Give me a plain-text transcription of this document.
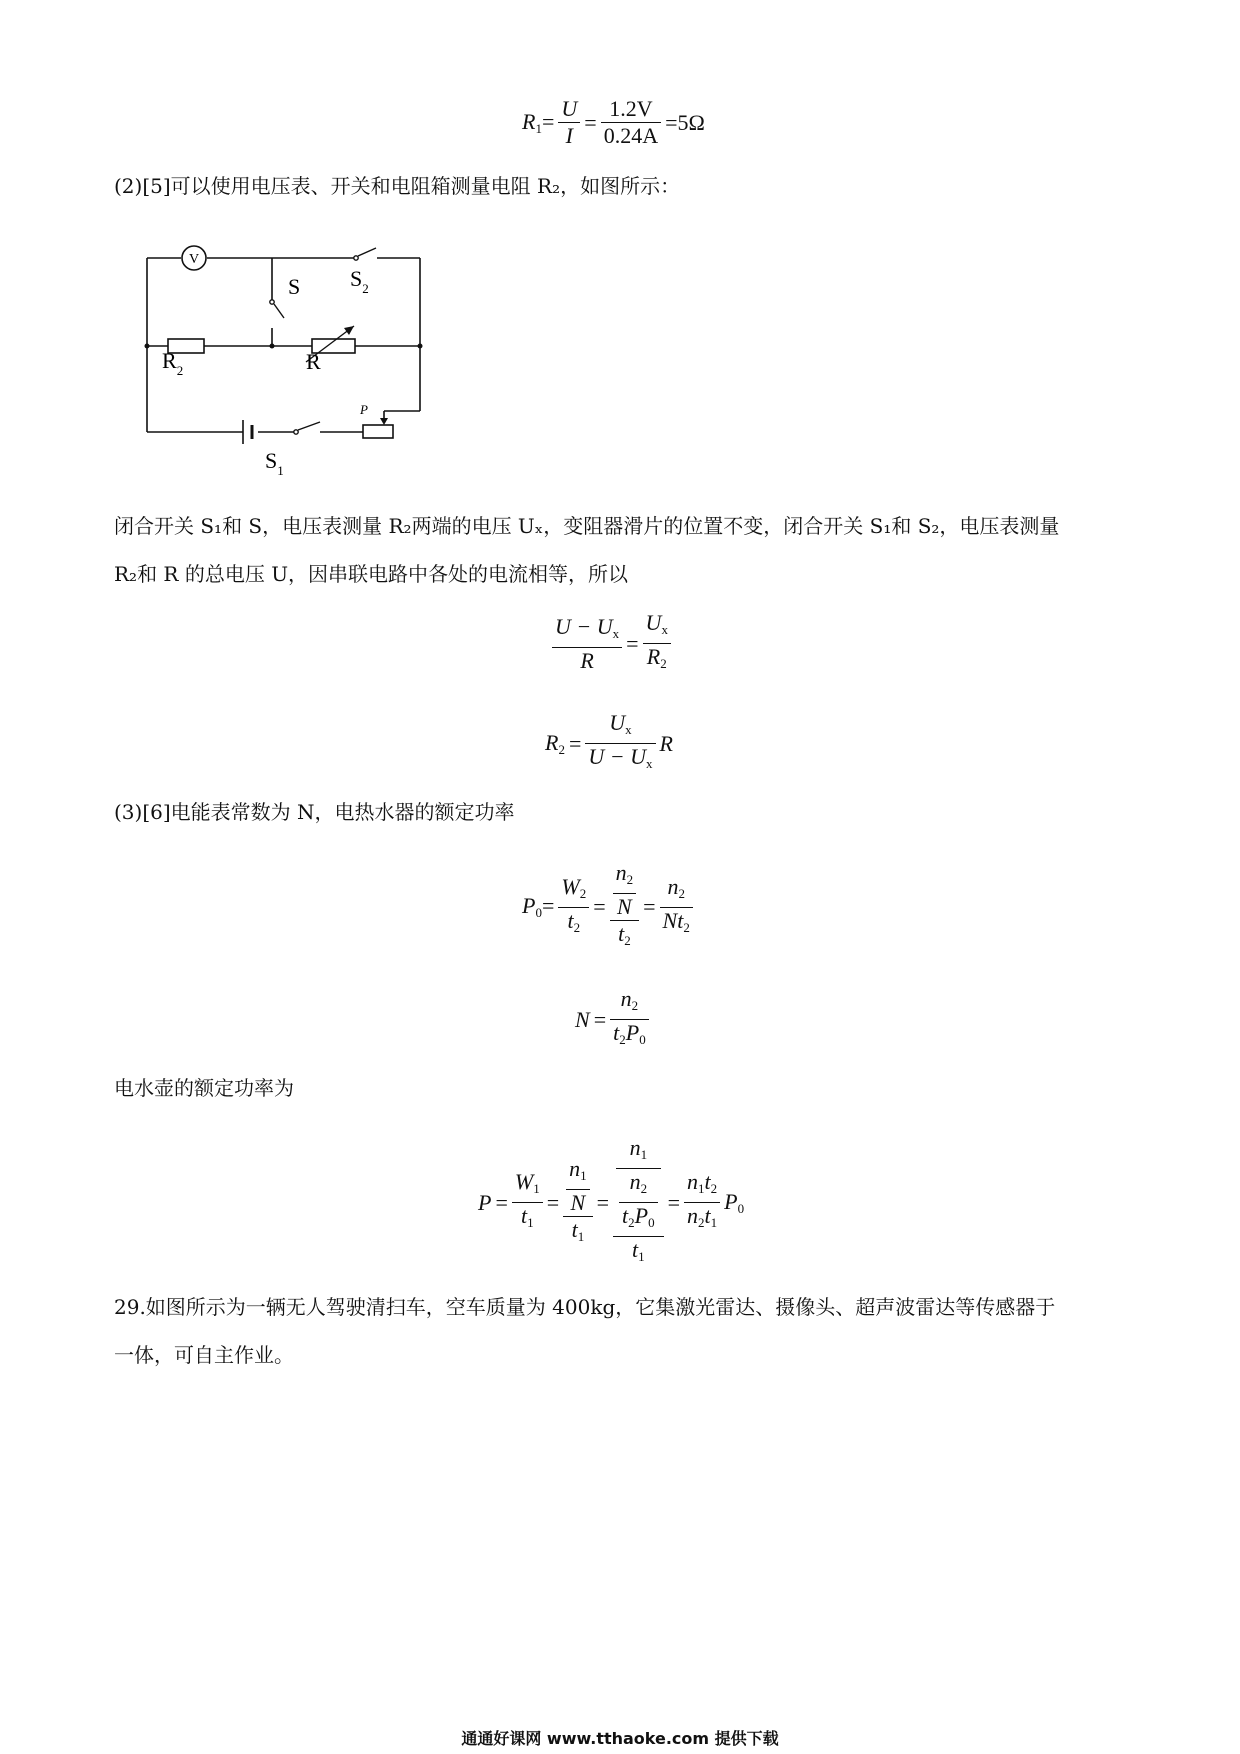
$R_1= \frac{U}{I} = \frac{1.2V}{0.24A} =5\Omega$
(2)[5]可以使用电压表、开关和电阻箱测量电阻 R₂，如图所示：
V
$S_2$
S
$R_2$	R
$S_1$
P
闭合开关 S₁和 S，电压表测量 R₂两端的电压 Uₓ，变阻器滑片的位置不变，闭合开关 S₁和 S₂，电压表测量
R₂和 R 的总电压 U，因串联电路中各处的电流相等，所以
$\frac{U - U_x}{R} = \frac{U_x}{R_2}$
$R_2 = \frac{U_x}{U - U_x}$ R
(3)[6]电能表常数为 N，电热水器的额定功率
$P_0= \frac{W_2}{t_2} = \frac{\frac{n_2}{N}}{t_2} = \frac{n_2}{Nt_2}$
$N = \frac{n_2}{t_2P_0}$
电水壶的额定功率为
$P = \frac{W_1}{t_1} = \frac{\frac{n_1}{N}}{t_1} = \frac{\frac{n_1}{\frac{n_2}{t_2P_0}}}{t_1} = \frac{n_1t_2}{n_2t_1} P_0$
29.如图所示为一辆无人驾驶清扫车，空车质量为 400kg，它集激光雷达、摄像头、超声波雷达等传感器于
一体，可自主作业。
通通好课网 www.tthaoke.com 提供下载
